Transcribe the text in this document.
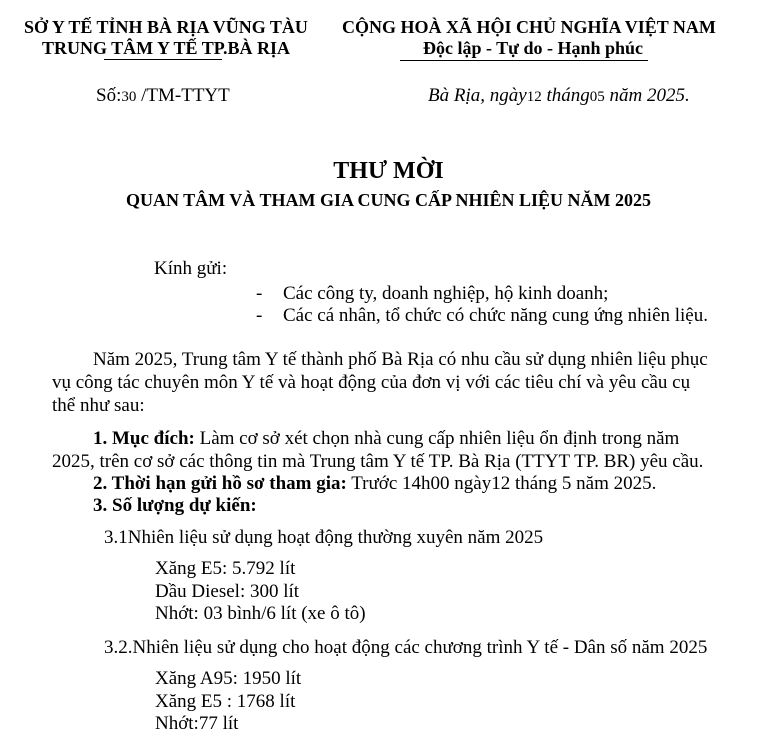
SỞ Y TẾ TỈNH BÀ RỊA VŨNG TÀU
TRUNG TÂM Y TẾ TP.BÀ RỊA
CỘNG HOÀ XÃ HỘI CHỦ NGHĨA VIỆT NAM
Độc lập - Tự do - Hạnh phúc
Số:30 /TM-TTYT	Bà Rịa, ngày12 tháng05 năm 2025.
THƯ MỜI
QUAN TÂM VÀ THAM GIA CUNG CẤP NHIÊN LIỆU NĂM 2025
Kính gửi:
- Các công ty, doanh nghiệp, hộ kinh doanh;
- Các cá nhân, tổ chức có chức năng cung ứng nhiên liệu.
Năm 2025, Trung tâm Y tế thành phố Bà Rịa có nhu cầu sử dụng nhiên liệu phục
vụ công tác chuyên môn Y tế và hoạt động của đơn vị với các tiêu chí và yêu cầu cụ
thể như sau:
1. Mục đích: Làm cơ sở xét chọn nhà cung cấp nhiên liệu ổn định trong năm
2025, trên cơ sở các thông tin mà Trung tâm Y tế TP. Bà Rịa (TTYT TP. BR) yêu cầu.
2. Thời hạn gửi hồ sơ tham gia: Trước 14h00 ngày12 tháng 5 năm 2025.
3. Số lượng dự kiến:
3.1Nhiên liệu sử dụng hoạt động thường xuyên năm 2025
Xăng E5: 5.792 lít
Dầu Diesel: 300 lít
Nhớt: 03 bình/6 lít (xe ô tô)
3.2.Nhiên liệu sử dụng cho hoạt động các chương trình Y tế - Dân số năm 2025
Xăng A95: 1950 lít
Xăng E5 : 1768 lít
Nhớt:77 lít
